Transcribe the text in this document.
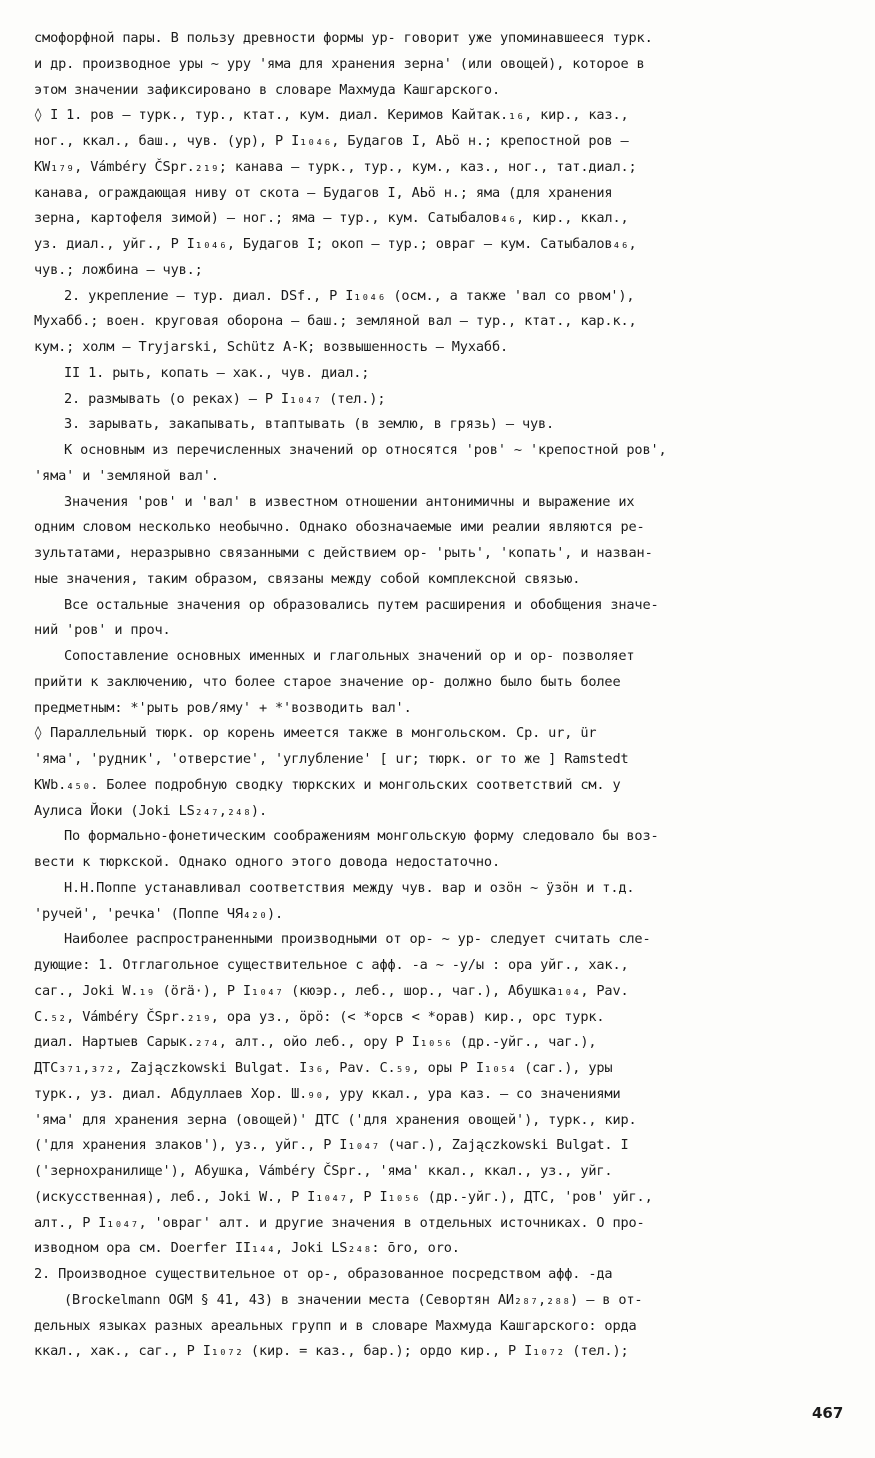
смофорфной пары. В пользу древности формы ур- говорит уже упоминавшееся турк.
и др. производное уры ~ уру 'яма для хранения зерна' (или овощей), которое в
этом значении зафиксировано в словаре Махмуда Кашгарского.
◊ I 1. ров – турк., тур., ктат., кум. диал. Керимов Кайтак.₁₆, кир., каз.,
ног., ккал., баш., чув. (ур), Р I₁₀₄₆, Будагов I, АЬӧ н.; крепостной ров –
KW₁₇₉, Vámbéry ČSpr.₂₁₉; канава – турк., тур., кум., каз., ног., тат.диал.;
канава, ограждающая ниву от скота – Будагов I, АЬӧ н.; яма (для хранения
зерна, картофеля зимой) – ног.; яма – тур., кум. Сатыбалов₄₆, кир., ккал.,
уз. диал., уйг., Р I₁₀₄₆, Будагов I; окоп – тур.; овраг – кум. Сатыбалов₄₆,
чув.; ложбина – чув.;
2. укрепление – тур. диал. DSf., Р I₁₀₄₆ (осм., а также 'вал со рвом'),
Мухабб.; воен. круговая оборона – баш.; земляной вал – тур., ктат., кар.к.,
кум.; холм – Tryjarski, Schütz A-K; возвышенность – Мухабб.
II 1. рыть, копать – хак., чув. диал.;
2. размывать (о реках) – Р I₁₀₄₇ (тел.);
3. зарывать, закапывать, втаптывать (в землю, в грязь) – чув.
К основным из перечисленных значений ор относятся 'ров' ~ 'крепостной ров',
'яма' и 'земляной вал'.
Значения 'ров' и 'вал' в известном отношении антонимичны и выражение их
одним словом несколько необычно. Однако обозначаемые ими реалии являются ре-
зультатами, неразрывно связанными с действием ор- 'рыть', 'копать', и назван-
ные значения, таким образом, связаны между собой комплексной связью.
Все остальные значения ор образовались путем расширения и обобщения значе-
ний 'ров' и проч.
Сопоставление основных именных и глагольных значений ор и ор- позволяет
прийти к заключению, что более старое значение ор- должно было быть более
предметным: *'рыть ров/яму' + *'возводить вал'.
◊ Параллельный тюрк. ор корень имеется также в монгольском. Ср. ur, ür
'яма', 'рудник', 'отверстие', 'углубление' [ ur; тюрк. or то же ] Ramstedt
KWb.₄₅₀. Более подробную сводку тюркских и монгольских соответствий см. у
Аулиса Йоки (Joki LS₂₄₇,₂₄₈).
По формально-фонетическим соображениям монгольскую форму следовало бы воз-
вести к тюркской. Однако одного этого довода недостаточно.
Н.Н.Поппе устанавливал соответствия между чув. вар и озӧн ~ ӱзӧн и т.д.
'ручей', 'речка' (Поппе ЧЯ₄₂₀).
Наиболее распространенными производными от ор- ~ ур- следует считать сле-
дующие: 1. Отглагольное существительное с афф. -а ~ -у/ы : ора уйг., хак.,
саг., Joki W.₁₉ (örä·), Р I₁₀₄₇ (кюэр., леб., шор., чаг.), Абушка₁₀₄, Pav.
C.₅₂, Vámbéry ČSpr.₂₁₉, ора уз., ӧрӧ: (< *орсв < *орав) кир., орс турк.
диал. Нартыев Сарык.₂₇₄, алт., ойо леб., ору Р I₁₀₅₆ (др.-уйг., чаг.),
ДТС₃₇₁,₃₇₂, Zajączkowski Bulgat. I₃₆, Pav. C.₅₉, оры Р I₁₀₅₄ (саг.), уры
турк., уз. диал. Абдуллаев Хор. Ш.₉₀, уру ккал., ура каз. – со значениями
'яма' для хранения зерна (овощей)' ДТС ('для хранения овощей'), турк., кир.
('для хранения злаков'), уз., уйг., Р I₁₀₄₇ (чаг.), Zajączkowski Bulgat. I
('зернохранилище'), Абушка, Vámbéry ČSpr., 'яма' ккал., ккал., уз., уйг.
(искусственная), леб., Joki W., Р I₁₀₄₇, Р I₁₀₅₆ (др.-уйг.), ДТС, 'ров' уйг.,
алт., Р I₁₀₄₇, 'овраг' алт. и другие значения в отдельных источниках. О про-
изводном ора см. Doerfer II₁₄₄, Joki LS₂₄₈: ōro, oro.
2. Производное существительное от ор-, образованное посредством афф. -да
(Brockelmann OGM § 41, 43) в значении места (Севортян АИ₂₈₇,₂₈₈) – в от-
дельных языках разных ареальных групп и в словаре Махмуда Кашгарского: орда
ккал., хак., саг., Р I₁₀₇₂ (кир. = каз., бар.); ордо кир., Р I₁₀₇₂ (тел.);
467
